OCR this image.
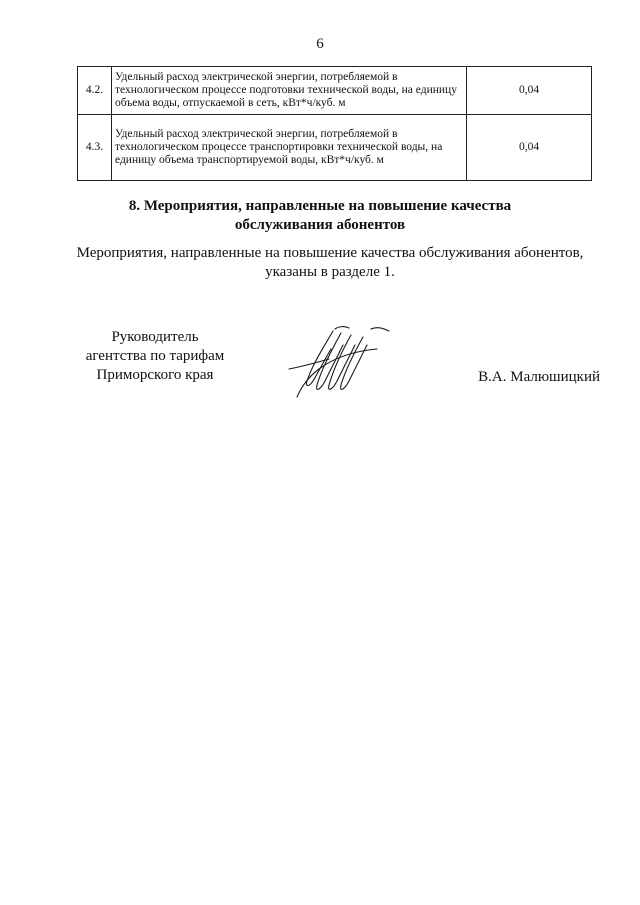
6
4.2.	Удельный расход электрической энергии, потребляемой в технологическом процессе подготовки технической воды, на единицу объема воды, отпускаемой в сеть, кВт*ч/куб. м	0,04
4.3.	Удельный расход электрической энергии, потребляемой в технологическом процессе транспортировки технической воды, на единицу объема транспортируемой воды, кВт*ч/куб. м	0,04
8. Мероприятия, направленные на повышение качества
обслуживания абонентов
Мероприятия, направленные на повышение качества обслуживания абонентов,
указаны в разделе 1.
Руководитель
агентства по тарифам
Приморского края	В.А. Малюшицкий
